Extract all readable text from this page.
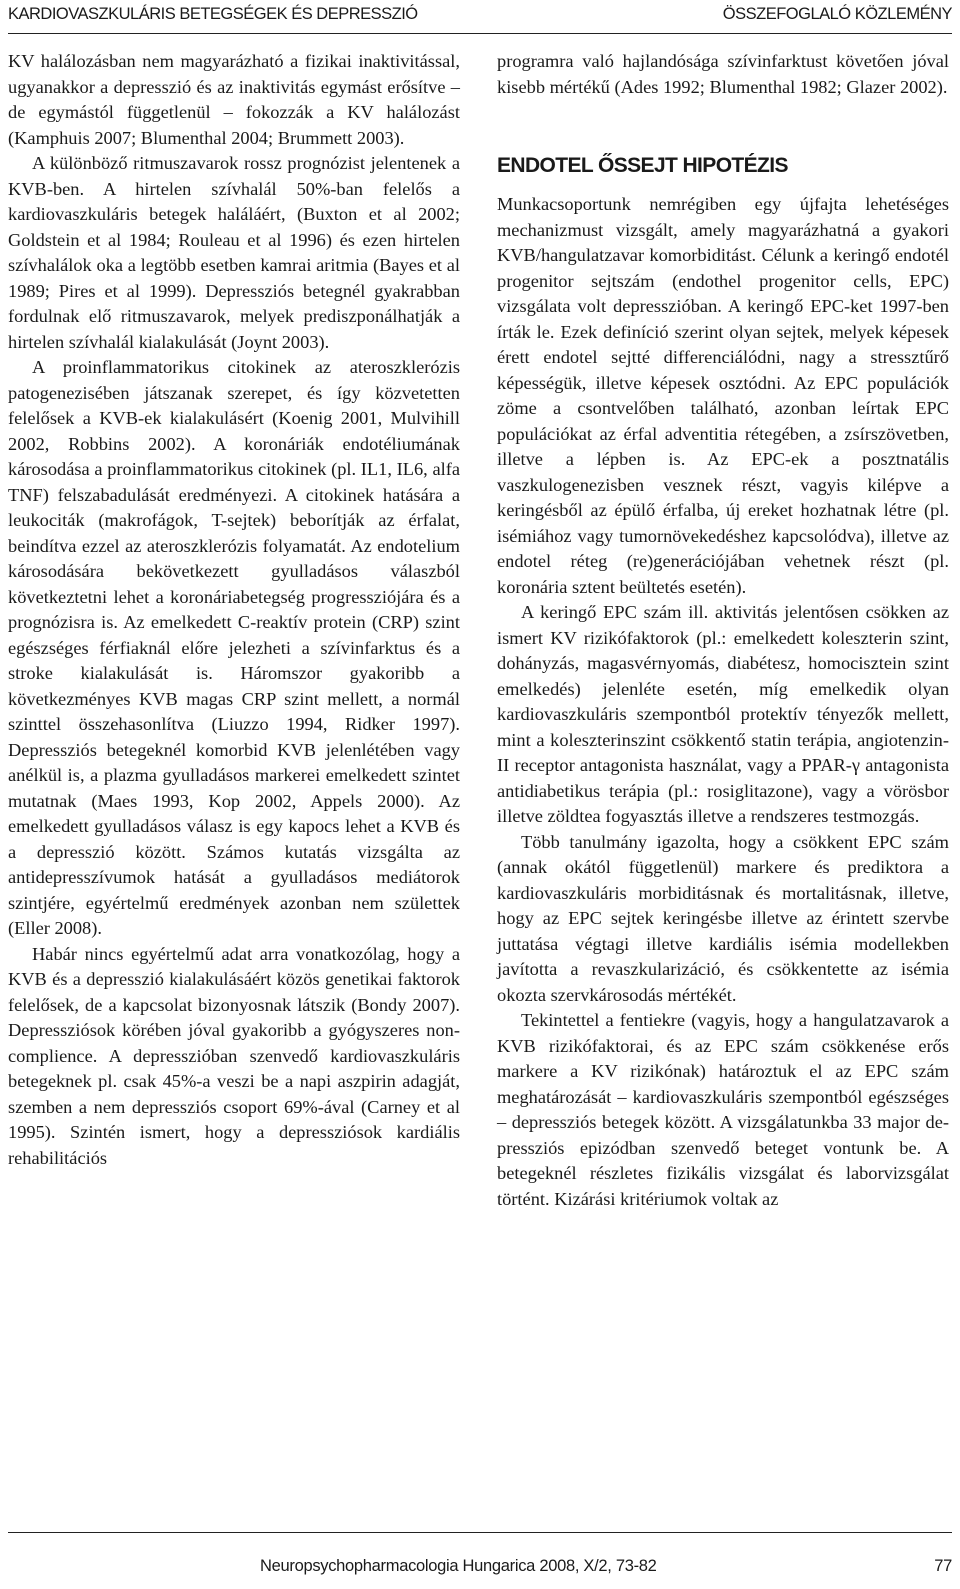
KARDIOVASZKULÁRIS BETEGSÉGEK ÉS DEPRESSZIÓ	ÖSSZEFOGLALÓ KÖZLEMÉNY

KV halálozásban nem magyarázható a fizikai inaktivitással, ugyanakkor a depresszió és az inaktivitás egymást erősítve – de egymástól függetlenül – fokozzák a KV halálozást (Kamphuis 2007; Blumenthal 2004; Brummett 2003).

A különböző ritmuszavarok rossz prognózist jelentenek a KVB-ben. A hirtelen szívhalál 50%-ban felelős a kardiovaszkuláris betegek haláláért, (Buxton et al 2002; Goldstein et al 1984; Rouleau et al 1996) és ezen hirtelen szívhalálok oka a legtöbb esetben kamrai aritmia (Bayes et al 1989; Pires et al 1999). Depressziós betegnél gyakrabban fordulnak elő ritmuszavarok, melyek prediszponálhatják a hirtelen szívhalál kialakulását (Joynt 2003).

A proinflammatorikus citokinek az ateroszklerózis patogenezisében játszanak szerepet, és így közvetetten felelősek a KVB-ek kialakulásért (Koenig 2001, Mulvihill 2002, Robbins 2002). A koronáriák endotéliumának károsodása a proinflammatorikus citokinek (pl. IL1, IL6, alfa TNF) felszabadulását eredményezi. A citokinek hatására a leukociták (makrofágok, T-sejtek) beborítják az érfalat, beindítva ezzel az ateroszklerózis folyamatát. Az endotelium károsodására bekövetkezett gyulladásos válaszból következtetni lehet a koronáriabetegség progressziójára és a prognózisra is. Az emelkedett C-reaktív protein (CRP) szint egészséges férfiaknál előre jelezheti a szívinfarktus és a stroke kialakulását is. Háromszor gyakoribb a következményes KVB magas CRP szint mellett, a normál szinttel összehasonlítva (Liuzzo 1994, Ridker 1997). Depressziós betegeknél komorbid KVB jelenlétében vagy anélkül is, a plazma gyulladásos markerei emelkedett szintet mutatnak (Maes 1993, Kop 2002, Appels 2000). Az emelkedett gyulladásos válasz is egy kapocs lehet a KVB és a depresszió között. Számos kutatás vizsgálta az antidepresszívumok hatását a gyulladásos mediátorok szintjére, egyértelmű eredmények azonban nem születtek (Eller 2008).

Habár nincs egyértelmű adat arra vonatkozólag, hogy a KVB és a depresszió kialakulásáért közös genetikai faktorok felelősek, de a kapcsolat bizonyosnak látszik (Bondy 2007). Depressziósok körében jóval gyakoribb a gyógyszeres non-complience. A depresszióban szenvedő kardiovaszkuláris betegeknek pl. csak 45%-a veszi be a napi aszpirin adagját, szemben a nem depressziós csoport 69%-ával (Carney et al 1995). Szintén ismert, hogy a depressziósok kardiális rehabilitációs

programra való hajlandósága szívinfarktust követően jóval kisebb mértékű (Ades 1992; Blumenthal 1982; Glazer 2002).

ENDOTEL ŐSSEJT HIPOTÉZIS

Munkacsoportunk nemrégiben egy újfajta lehetéséges mechanizmust vizsgált, amely magyarázhatná a gyakori KVB/hangulatzavar komorbiditást. Célunk a keringő endotél progenitor sejtszám (endothel progenitor cells, EPC) vizsgálata volt depresszióban. A keringő EPC-ket 1997-ben írták le. Ezek definíció szerint olyan sejtek, melyek képesek érett endotel sejtté differenciálódni, nagy a stressztűrő képességük, illetve képesek osztódni. Az EPC populációk zöme a csontvelőben található, azonban leírtak EPC populációkat az érfal adventitia rétegében, a zsírszövetben, illetve a lépben is. Az EPC-ek a posztnatális vaszkulogenezisben vesznek részt, vagyis kilépve a keringésből az épülő érfalba, új ereket hozhatnak létre (pl. isémiához vagy tumornövekedéshez kapcsolódva), illetve az endotel réteg (re)generációjában vehetnek részt (pl. koronária sztent beültetés esetén).

A keringő EPC szám ill. aktivitás jelentősen csökken az ismert KV rizikófaktorok (pl.: emelkedett koleszterin szint, dohányzás, magasvérnyomás, diabétesz, homocisztein szint emelkedés) jelenléte esetén, míg emelkedik olyan kardiovaszkuláris szempontból protektív tényezők mellett, mint a koleszterinszint csökkentő statin terápia, angiotenzin-II receptor antagonista használat, vagy a PPAR-γ antagonista antidiabetikus terápia (pl.: rosiglitazone), vagy a vörösbor illetve zöldtea fogyasztás illetve a rendszeres testmozgás.

Több tanulmány igazolta, hogy a csökkent EPC szám (annak okától függetlenül) markere és prediktora a kardiovaszkuláris morbiditásnak és mortalitásnak, illetve, hogy az EPC sejtek keringésbe illetve az érintett szervbe juttatása végtagi illetve kardiális isémia modellekben javította a revaszkularizáció, és csökkentette az isémia okozta szervkárosodás mértékét.

Tekintettel a fentiekre (vagyis, hogy a hangulatzavarok a KVB rizikófaktorai, és az EPC szám csökkenése erős markere a KV rizikónak) határoztuk el az EPC szám meghatározását – kardiovaszkuláris szempontból egészséges – depressziós betegek között. A vizsgálatunkba 33 major depressziós epizódban szenvedő beteget vontunk be. A betegeknél részletes fizikális vizsgálat és laborvizsgálat történt. Kizárási kritériumok voltak az

Neuropsychopharmacologia Hungarica 2008, X/2, 73-82	77
